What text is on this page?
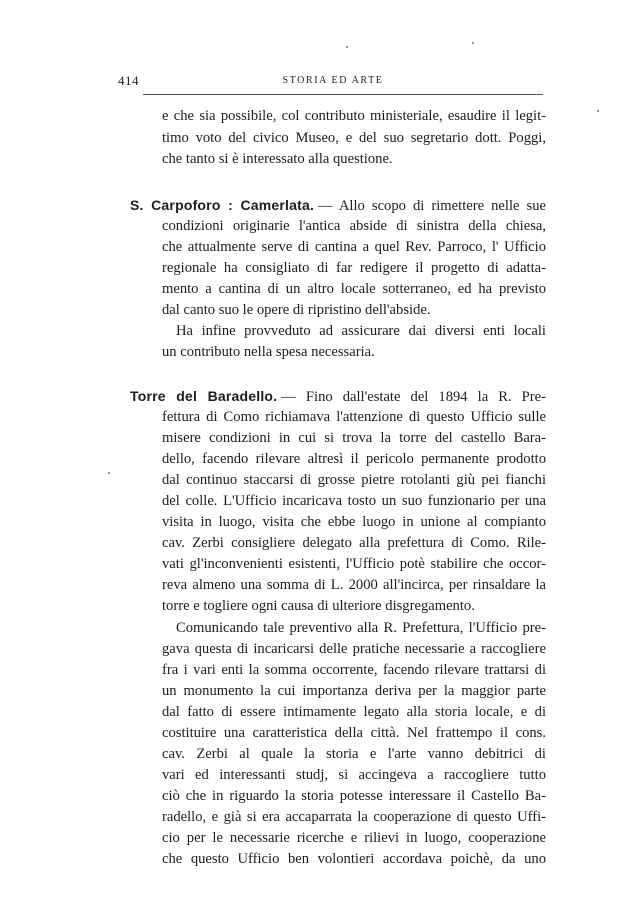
414	STORIA ED ARTE
e che sia possibile, col contributo ministeriale, esaudire il legit-
timo voto del civico Museo, e del suo segretario dott. Poggi,
che tanto si è interessato alla questione.
S. Carpoforo : Camerlata. — Allo scopo di rimettere nelle sue
condizioni originarie l'antica abside di sinistra della chiesa,
che attualmente serve di cantina a quel Rev. Parroco, l' Ufficio
regionale ha consigliato di far redigere il progetto di adatta-
mento a cantina di un altro locale sotterraneo, ed ha previsto
dal canto suo le opere di ripristino dell'abside.
Ha infine provveduto ad assicurare dai diversi enti locali
un contributo nella spesa necessaria.
Torre del Baradello. — Fino dall'estate del 1894 la R. Pre-
fettura di Como richiamava l'attenzione di questo Ufficio sulle
misere condizioni in cui si trova la torre del castello Bara-
dello, facendo rilevare altresì il pericolo permanente prodotto
dal continuo staccarsi di grosse pietre rotolanti giù pei fianchi
del colle. L'Ufficio incaricava tosto un suo funzionario per una
visita in luogo, visita che ebbe luogo in unione al compianto
cav. Zerbi consigliere delegato alla prefettura di Como. Rile-
vati gl'inconvenienti esistenti, l'Ufficio potè stabilire che occor-
reva almeno una somma di L. 2000 all'incirca, per rinsaldare la
torre e togliere ogni causa di ulteriore disgregamento.
Comunicando tale preventivo alla R. Prefettura, l'Ufficio pre-
gava questa di incaricarsi delle pratiche necessarie a raccogliere
fra i vari enti la somma occorrente, facendo rilevare trattarsi di
un monumento la cui importanza deriva per la maggior parte
dal fatto di essere intimamente legato alla storia locale, e di
costituire una caratteristica della città. Nel frattempo il cons.
cav. Zerbi al quale la storia e l'arte vanno debitrici di
vari ed interessanti studj, si accingeva a raccogliere tutto
ciò che in riguardo la storia potesse interessare il Castello Ba-
radello, e già si era accaparrata la cooperazione di questo Uffi-
cio per le necessarie ricerche e rilievi in luogo, cooperazione
che questo Ufficio ben volontieri accordava poichè, da uno
